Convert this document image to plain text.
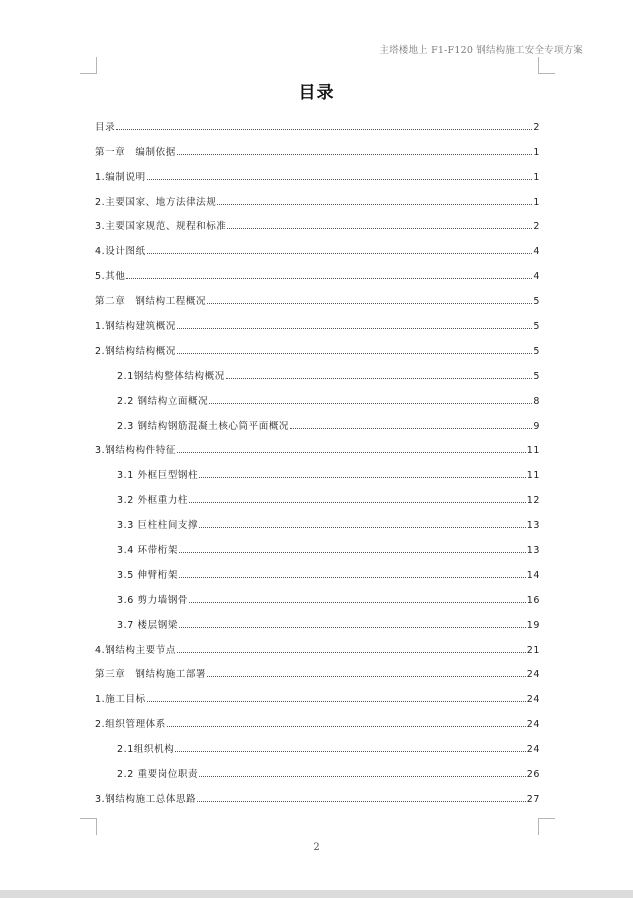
主塔楼地上 F1-F120 钢结构施工安全专项方案
目录
目录	2
第一章　编制依据	1
1.编制说明	1
2.主要国家、地方法律法规	1
3.主要国家规范、规程和标准	2
4.设计图纸	4
5.其他	4
第二章　钢结构工程概况	5
1.钢结构建筑概况	5
2.钢结构结构概况	5
2.1钢结构整体结构概况	5
2.2 钢结构立面概况	8
2.3 钢结构钢筋混凝土核心筒平面概况	9
3.钢结构构件特征	11
3.1 外框巨型钢柱	11
3.2 外框重力柱	12
3.3 巨柱柱间支撑	13
3.4 环带桁架	13
3.5 伸臂桁架	14
3.6 剪力墙钢骨	16
3.7 楼层钢梁	19
4.钢结构主要节点	21
第三章　钢结构施工部署	24
1.施工目标	24
2.组织管理体系	24
2.1组织机构	24
2.2 重要岗位职责	26
3.钢结构施工总体思路	27
2
